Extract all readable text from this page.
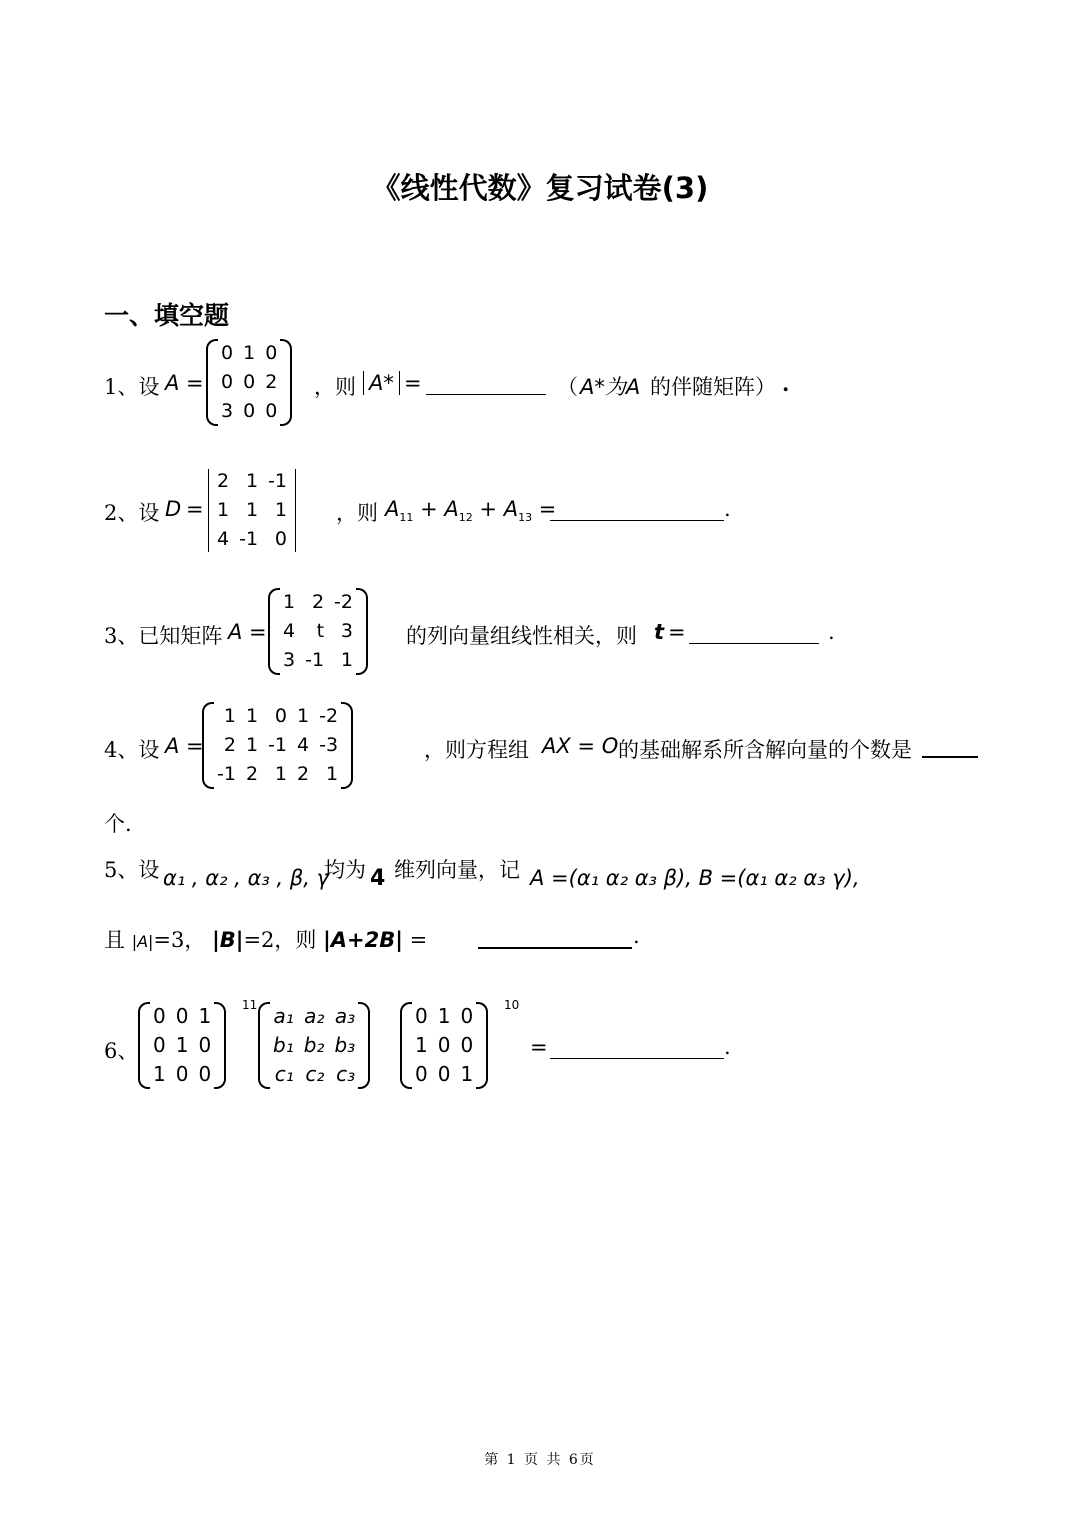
《线性代数》复习试卷(3)
一、填空题
1、设 A =
0	1	0
0	0	2
3	0	0
，则 A* =	（ A*为A 的伴随矩阵） .
2、设 D =
2	1	-1
1	1	1
4	-1	0
，则 $A_{11} + A_{12} + A_{13}$ =	.
3、已知矩阵 A =
1	2	-2
4	t	3
3	-1	1
的列向量组线性相关，则 t =	.
4、设 A =
1	1	0	1	-2
2	1	-1	4	-3
-1	2	1	2	1
，则方程组 AX = O 的基础解系所含解向量的个数是
个.
5、设 α₁ , α₂ , α₃ , β, γ
均为 4 维列向量，记 A =(α₁ α₂ α₃ β), B =(α₁ α₂ α₃ γ),
且 |A|=3， |B|=2，则 |A+2B| =	.
6、
0	0	1
0	1	0
1	0	0
11 a₁	a₂	a₃
b₁	b₂	b₃
c₁	c₂	c₃
0	1	0
1	0	0
0	0	1
10
=	.
第 1 页 共 6页
